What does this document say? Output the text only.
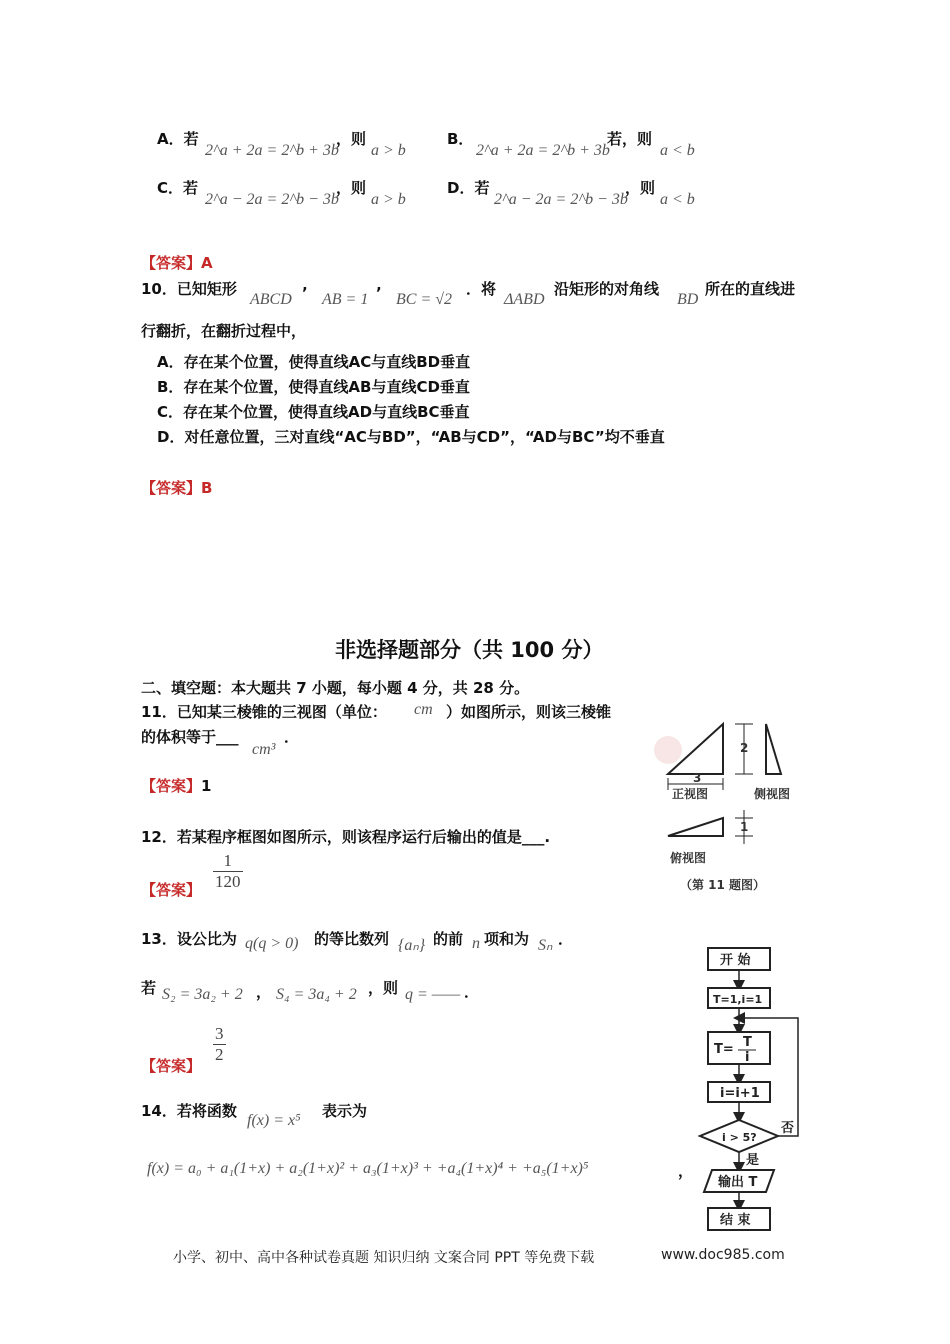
A．若
2^a + 2a = 2^b + 3b
，则
a > b
B．
2^a + 2a = 2^b + 3b
若，则
a < b
C．若
2^a − 2a = 2^b − 3b
，则
a > b
D．若
2^a − 2a = 2^b − 3b
，则
a < b
【答案】A
10．已知矩形
ABCD ’ AB = 1 ’ BC = √2
．将
ΔABD
沿矩形的对角线
BD
所在的直线进
行翻折，在翻折过程中，
A．存在某个位置，使得直线AC与直线BD垂直
B．存在某个位置，使得直线AB与直线CD垂直
C．存在某个位置，使得直线AD与直线BC垂直
D．对任意位置，三对直线“AC与BD”，“AB与CD”，“AD与BC”均不垂直
【答案】B
非选择题部分（共 100 分）
二、填空题：本大题共 7 小题，每小题 4 分，共 28 分。
11．已知某三棱锥的三视图（单位： cm ）如图所示，则该三棱锥
的体积等于___
cm³
．
【答案】1
2
3
正视图	侧视图
1
俯视图
（第 11 题图）
12．若某程序框图如图所示，则该程序运行后输出的值是___.
【答案】 $\frac{1}{120}$
13．设公比为 q(q > 0) 的等比数列 {aₙ} 的前 n 项和为 Sₙ ．
若 S₂ = 3a₂ + 2 ， S₄ = 3a₄ + 2 ，则 q = —— ．
【答案】
$\frac{3}{2}$
14．若将函数
f(x) = x⁵
表示为
f(x) = a₀ + a₁(1+x) + a₂(1+x)² + a₃(1+x)³ + +a₄(1+x)⁴ + +a₅(1+x)⁵	，
开 始
T=1,i=1
T= T
i
i=i+1
i > 5?
否
是
输出 T
结 束
小学、初中、高中各种试卷真题 知识归纳 文案合同 PPT 等免费下载	www.doc985.com
